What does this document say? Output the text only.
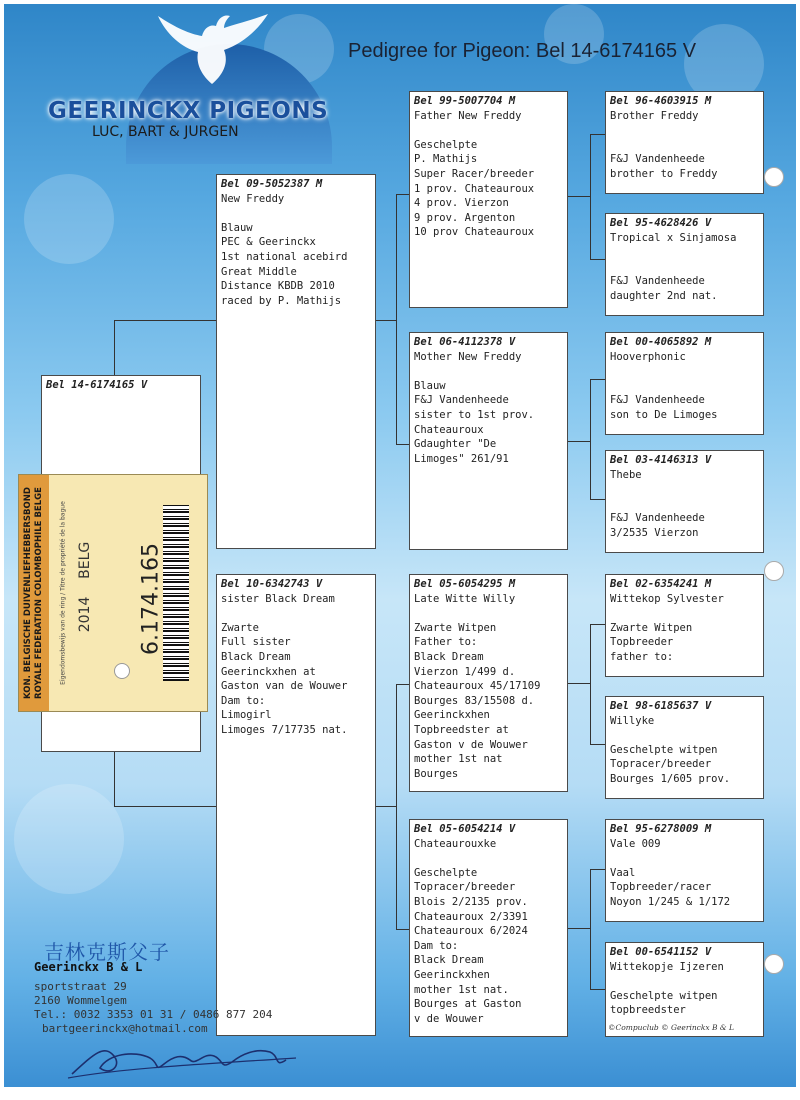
GEERINCKX PIGEONS
LUC, BART & JURGEN
Pedigree for Pigeon: Bel 14-6174165 V
Bel 14-6174165 V
Bel 09-5052387 M
New Freddy
Blauw
PEC & Geerinckx
1st national acebird
Great Middle
Distance KBDB 2010
raced by P. Mathijs
Bel 10-6342743 V
sister Black Dream
Zwarte
Full sister
Black Dream
Geerinckxhen at
Gaston van de Wouwer
Dam to:
Limogirl
Limoges 7/17735 nat.
Bel 99-5007704 M
Father New Freddy
Geschelpte
P. Mathijs
Super Racer/breeder
1 prov. Chateauroux
4 prov. Vierzon
9 prov. Argenton
10 prov Chateauroux
Bel 06-4112378 V
Mother New Freddy
Blauw
F&J Vandenheede
sister to 1st prov.
Chateauroux
Gdaughter "De
Limoges" 261/91
Bel 05-6054295 M
Late Witte Willy
Zwarte Witpen
Father to:
Black Dream
Vierzon 1/499 d.
Chateauroux 45/17109
Bourges 83/15508 d.
Geerinckxhen
Topbreedster at
Gaston v de Wouwer
mother 1st nat
Bourges
Bel 05-6054214 V
Chateaurouxke
Geschelpte
Topracer/breeder
Blois 2/2135 prov.
Chateauroux 2/3391
Chateauroux 6/2024
Dam to:
Black Dream
Geerinckxhen
mother 1st nat.
Bourges at Gaston
v de Wouwer
Bel 96-4603915 M
Brother Freddy
F&J Vandenheede
brother to Freddy
Bel 95-4628426 V
Tropical x Sinjamosa
F&J Vandenheede
daughter 2nd nat.
Bel 00-4065892 M
Hooverphonic
F&J Vandenheede
son to De Limoges
Bel 03-4146313 V
Thebe
F&J Vandenheede
3/2535 Vierzon
Bel 02-6354241 M
Wittekop Sylvester
Zwarte Witpen
Topbreeder
father to:
Bel 98-6185637 V
Willyke
Geschelpte witpen
Topracer/breeder
Bourges 1/605 prov.
Bel 95-6278009 M
Vale 009
Vaal
Topbreeder/racer
Noyon 1/245 & 1/172
Bel 00-6541152 V
Wittekopje Ijzeren
Geschelpte witpen
topbreedster
©Compuclub © Geerinckx B & L
KON. BELGISCHE DUIVENLIEFHEBBERSBOND ROYALE FEDERATION COLOMBOPHILE BELGE	Eigendomsbewijs van de ring / Titre de propriété de la bague 2014    BELG 6.174.165
吉林克斯父子
Geerinckx B & L
sportstraat 29
2160 Wommelgem
Tel.: 0032 3353 01 31 / 0486 877 204
bartgeerinckx@hotmail.com
